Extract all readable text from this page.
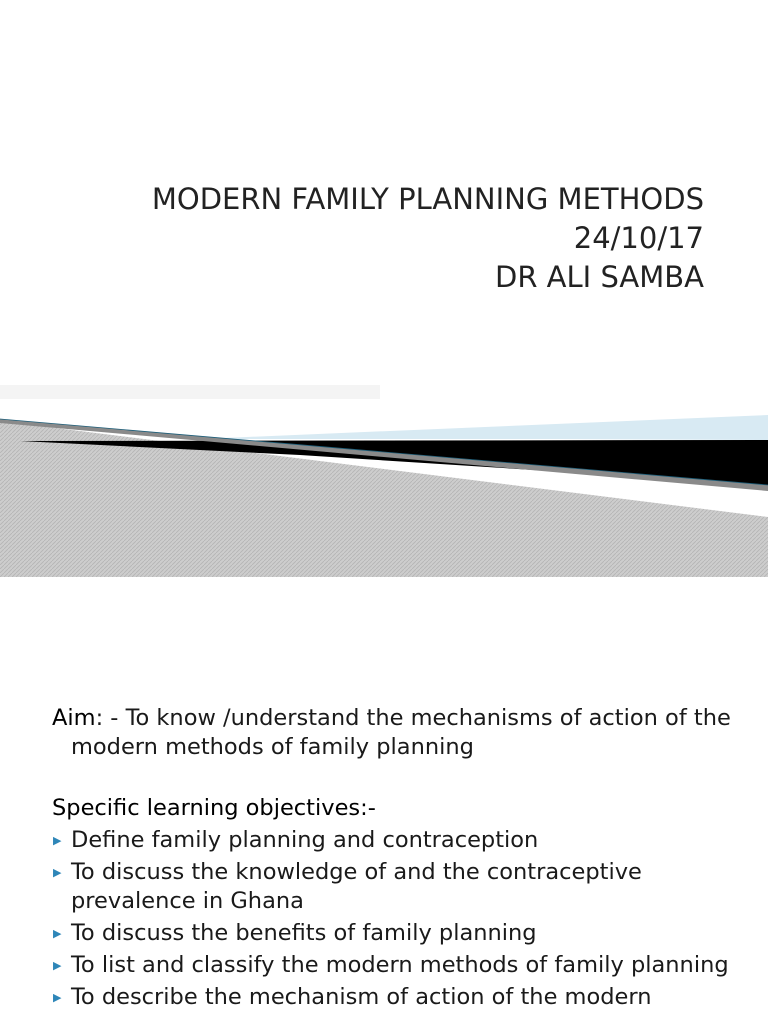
MODERN FAMILY PLANNING METHODS
24/10/17
DR ALI SAMBA

Aim: - To know /understand the mechanisms of action of the modern methods of family planning

Specific learning objectives:-
▶ Define family planning and contraception
▶ To discuss the knowledge of and the contraceptive prevalence in Ghana
▶ To discuss the benefits of family planning
▶ To list and classify the modern methods of family planning
▶ To describe the mechanism of action of the modern
